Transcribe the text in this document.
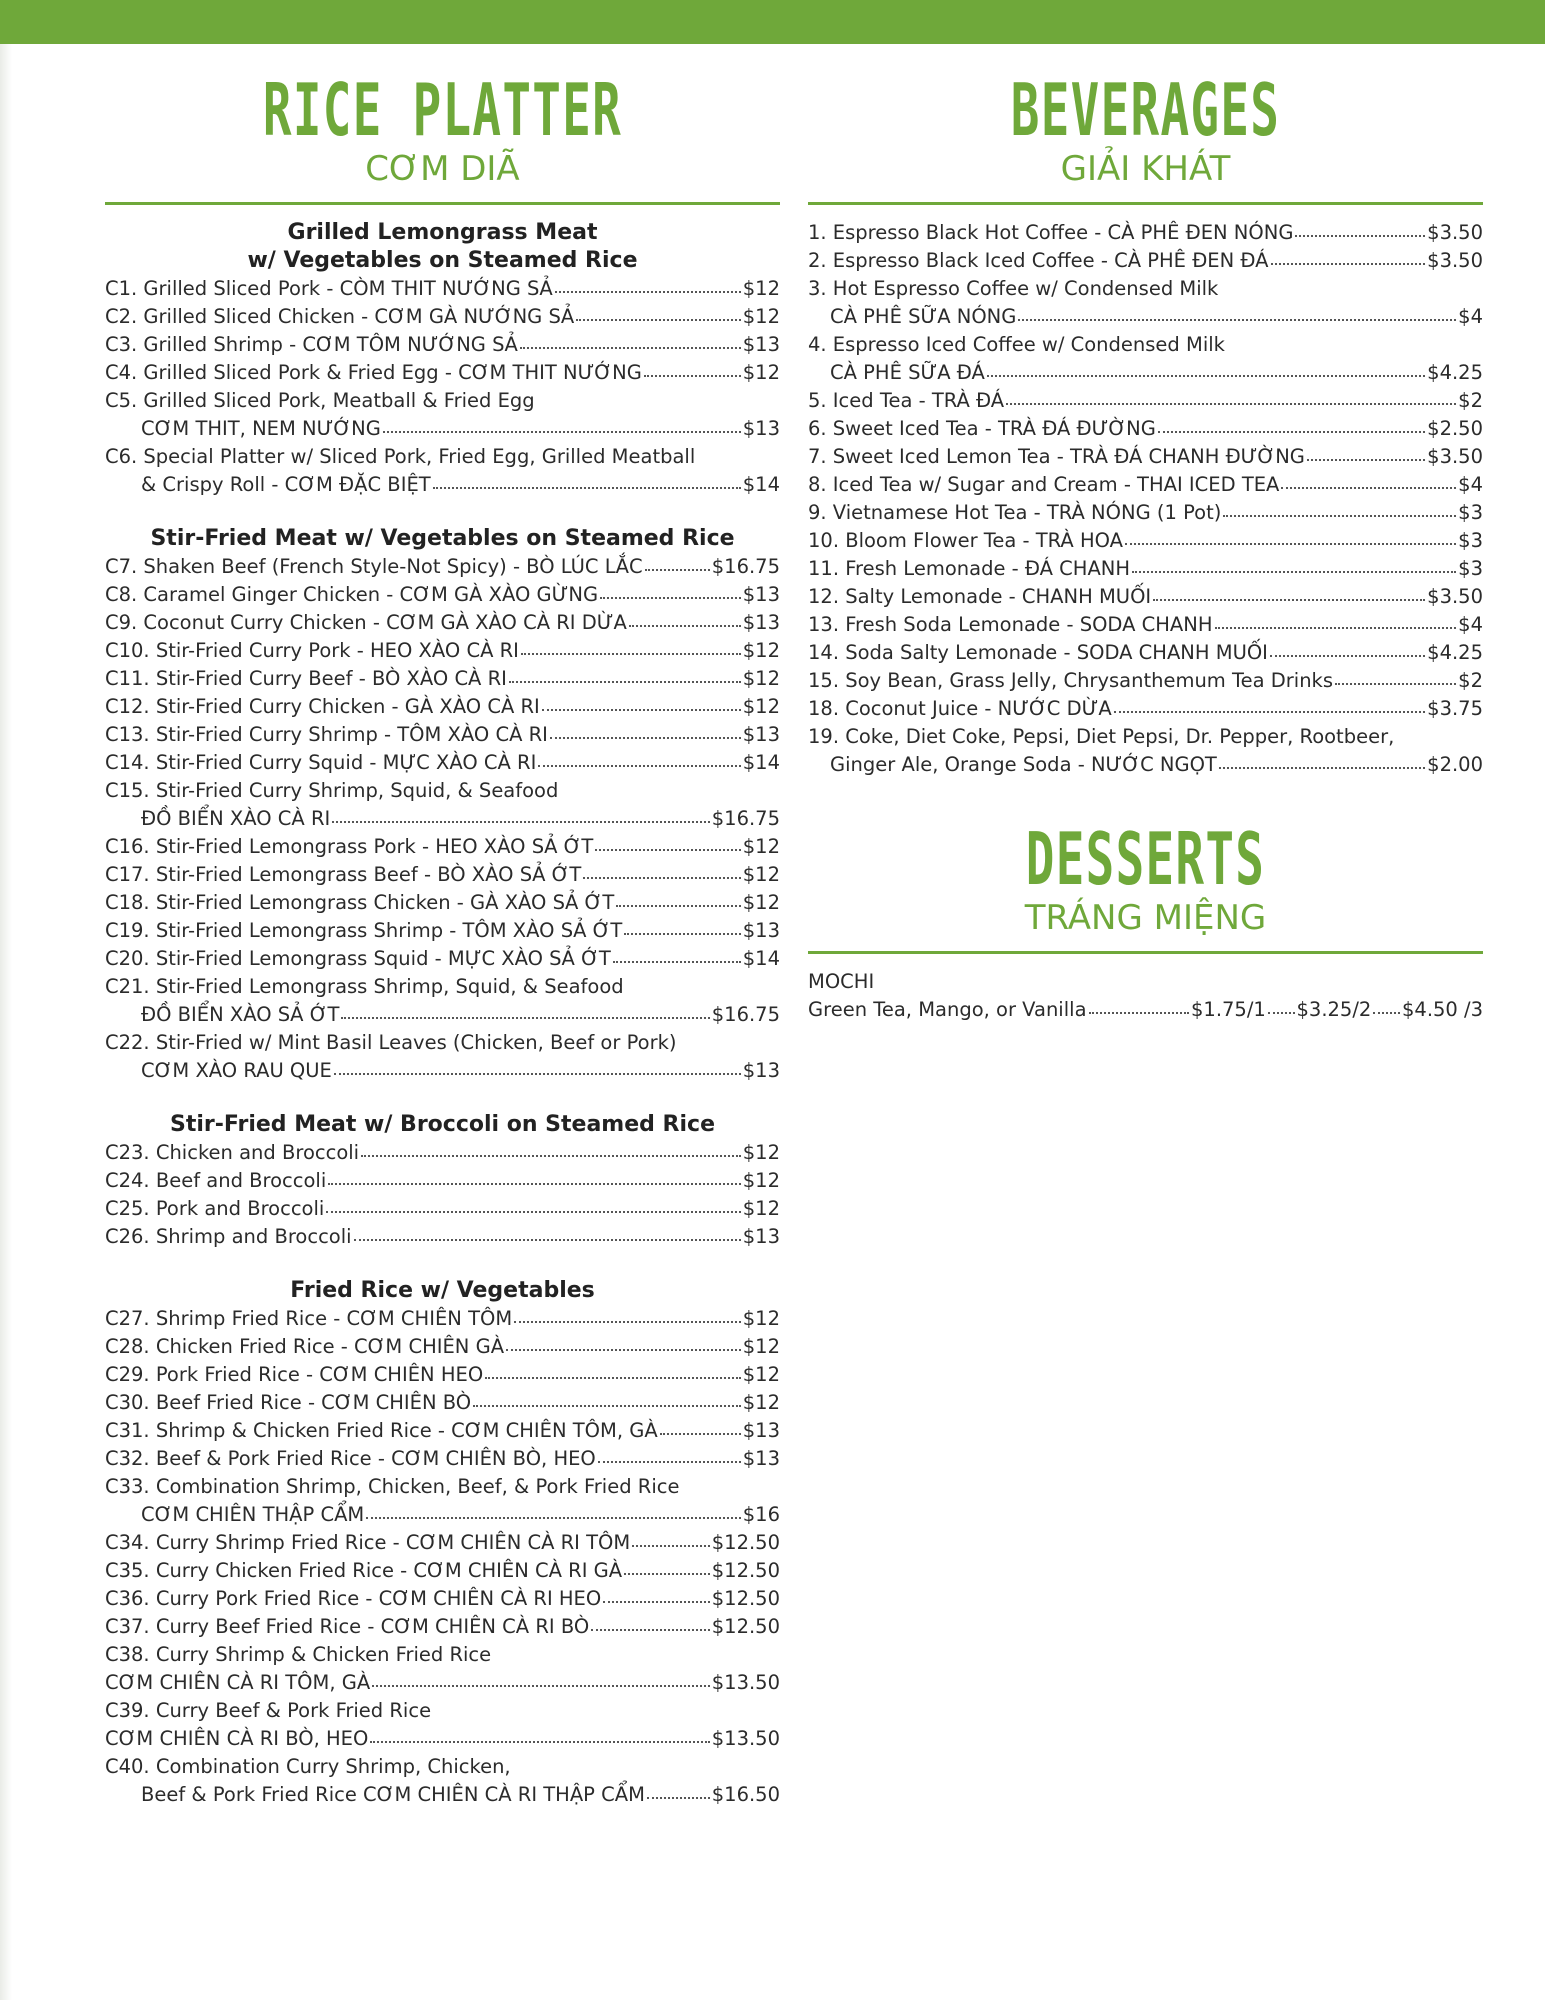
RICE PLATTER
CƠM DIÃ
Grilled Lemongrass Meat
w/ Vegetables on Steamed Rice
C1. Grilled Sliced Pork - CÒM THIT NƯỚNG SẢ	$12
C2. Grilled Sliced Chicken - CƠM GÀ NƯỚNG SẢ	$12
C3. Grilled Shrimp - CƠM TÔM NƯỚNG SẢ	$13
C4. Grilled Sliced Pork & Fried Egg - CƠM THIT NƯỚNG	$12
C5. Grilled Sliced Pork, Meatball & Fried Egg
CƠM THIT, NEM NƯỚNG	$13
C6. Special Platter w/ Sliced Pork, Fried Egg, Grilled Meatball
& Crispy Roll - CƠM ĐẶC BIỆT	$14
Stir-Fried Meat w/ Vegetables on Steamed Rice
C7. Shaken Beef (French Style-Not Spicy) - BÒ LÚC LẮC	$16.75
C8. Caramel Ginger Chicken - CƠM GÀ XÀO GỪNG	$13
C9. Coconut Curry Chicken - CƠM GÀ XÀO CÀ RI DỪA	$13
C10. Stir-Fried Curry Pork - HEO XÀO CÀ RI	$12
C11. Stir-Fried Curry Beef - BÒ XÀO CÀ RI	$12
C12. Stir-Fried Curry Chicken - GÀ XÀO CÀ RI	$12
C13. Stir-Fried Curry Shrimp - TÔM XÀO CÀ RI	$13
C14. Stir-Fried Curry Squid - MỰC XÀO CÀ RI	$14
C15. Stir-Fried Curry Shrimp, Squid, & Seafood
ĐỒ BIỂN XÀO CÀ RI	$16.75
C16. Stir-Fried Lemongrass Pork - HEO XÀO SẢ ỚT	$12
C17. Stir-Fried Lemongrass Beef - BÒ XÀO SẢ ỚT	$12
C18. Stir-Fried Lemongrass Chicken - GÀ XÀO SẢ ỚT	$12
C19. Stir-Fried Lemongrass Shrimp - TÔM XÀO SẢ ỚT	$13
C20. Stir-Fried Lemongrass Squid - MỰC XÀO SẢ ỚT	$14
C21. Stir-Fried Lemongrass Shrimp, Squid, & Seafood
ĐỒ BIỂN XÀO SẢ ỚT	$16.75
C22. Stir-Fried w/ Mint Basil Leaves (Chicken, Beef or Pork)
CƠM XÀO RAU QUE	$13
Stir-Fried Meat w/ Broccoli on Steamed Rice
C23. Chicken and Broccoli	$12
C24. Beef and Broccoli	$12
C25. Pork and Broccoli	$12
C26. Shrimp and Broccoli	$13
Fried Rice w/ Vegetables
C27. Shrimp Fried Rice - CƠM CHIÊN TÔM	$12
C28. Chicken Fried Rice - CƠM CHIÊN GÀ	$12
C29. Pork Fried Rice - CƠM CHIÊN HEO	$12
C30. Beef Fried Rice - CƠM CHIÊN BÒ	$12
C31. Shrimp & Chicken Fried Rice - CƠM CHIÊN TÔM, GÀ	$13
C32. Beef & Pork Fried Rice - CƠM CHIÊN BÒ, HEO	$13
C33. Combination Shrimp, Chicken, Beef, & Pork Fried Rice
CƠM CHIÊN THẬP CẨM	$16
C34. Curry Shrimp Fried Rice - CƠM CHIÊN CÀ RI TÔM	$12.50
C35. Curry Chicken Fried Rice - CƠM CHIÊN CÀ RI GÀ	$12.50
C36. Curry Pork Fried Rice - CƠM CHIÊN CÀ RI HEO	$12.50
C37. Curry Beef Fried Rice - CƠM CHIÊN CÀ RI BÒ	$12.50
C38. Curry Shrimp & Chicken Fried Rice
CƠM CHIÊN CÀ RI TÔM, GÀ	$13.50
C39. Curry Beef & Pork Fried Rice
CƠM CHIÊN CÀ RI BÒ, HEO	$13.50
C40. Combination Curry Shrimp, Chicken,
Beef & Pork Fried Rice CƠM CHIÊN CÀ RI THẬP CẨM	$16.50
BEVERAGES
GIẢI KHÁT
1. Espresso Black Hot Coffee - CÀ PHÊ ĐEN NÓNG	$3.50
2. Espresso Black Iced Coffee - CÀ PHÊ ĐEN ĐÁ	$3.50
3. Hot Espresso Coffee w/ Condensed Milk
CÀ PHÊ SỮA NÓNG	$4
4. Espresso Iced Coffee w/ Condensed Milk
CÀ PHÊ SỮA ĐÁ	$4.25
5. Iced Tea - TRÀ ĐÁ	$2
6. Sweet Iced Tea - TRÀ ĐÁ ĐƯỜNG	$2.50
7. Sweet Iced Lemon Tea - TRÀ ĐÁ CHANH ĐƯỜNG	$3.50
8. Iced Tea w/ Sugar and Cream - THAI ICED TEA	$4
9. Vietnamese Hot Tea - TRÀ NÓNG (1 Pot)	$3
10. Bloom Flower Tea - TRÀ HOA	$3
11. Fresh Lemonade - ĐÁ CHANH	$3
12. Salty Lemonade - CHANH MUỐI	$3.50
13. Fresh Soda Lemonade - SODA CHANH	$4
14. Soda Salty Lemonade - SODA CHANH MUỐI	$4.25
15. Soy Bean, Grass Jelly, Chrysanthemum Tea Drinks	$2
18. Coconut Juice - NƯỚC DỪA	$3.75
19. Coke, Diet Coke, Pepsi, Diet Pepsi, Dr. Pepper, Rootbeer,
Ginger Ale, Orange Soda - NƯỚC NGỌT	$2.00
DESSERTS
TRÁNG MIỆNG
MOCHI
Green Tea, Mango, or Vanilla	$1.75/1 $3.25/2 $4.50 /3
